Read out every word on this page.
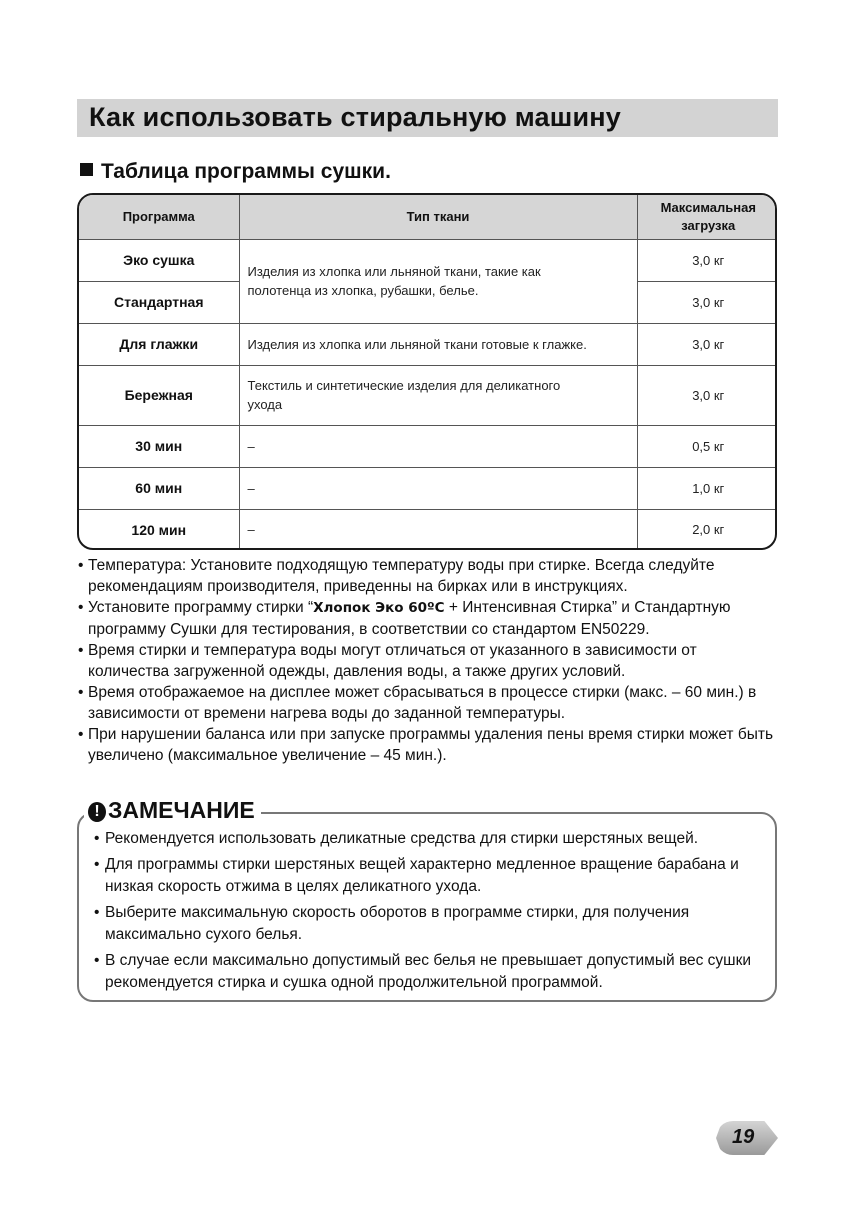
Как использовать стиральную машину
Таблица программы сушки.
Программа	Тип ткани	Максимальная загрузка
Эко сушка	Изделия из хлопка или льняной ткани, такие как полотенца из хлопка, рубашки, белье.	3,0 кг
Стандартная		3,0 кг
Для глажки	Изделия из хлопка или льняной ткани готовые к глажке.	3,0 кг
Бережная	Текстиль и синтетические изделия для деликатного ухода	3,0 кг
30 мин	–	0,5 кг
60 мин	–	1,0 кг
120 мин	–	2,0 кг
• Температура: Установите подходящую температуру воды при стирке. Всегда следуйте рекомендациям производителя, приведенны на бирках или в инструкциях.
• Установите программу стирки “Хлопок Эко 60ºC + Интенсивная Стирка” и Стандартную программу Сушки для тестирования, в соответствии со стандартом EN50229.
• Время стирки и температура воды могут отличаться от указанного в зависимости от количества загруженной одежды, давления воды, а также других условий.
• Время отображаемое на дисплее может сбрасываться в процессе стирки (макс. – 60 мин.) в зависимости от времени нагрева воды до заданной температуры.
• При нарушении баланса или при запуске программы удаления пены время стирки может быть увеличено (максимальное увеличение – 45 мин.).
! ЗАМЕЧАНИЕ
• Рекомендуется использовать деликатные средства для стирки шерстяных вещей.
• Для программы стирки шерстяных вещей характерно медленное вращение барабана и низкая скорость отжима в целях деликатного ухода.
• Выберите максимальную скорость оборотов в программе стирки, для получения максимально сухого белья.
• В случае если максимально допустимый вес белья не превышает допустимый вес сушки рекомендуется стирка и сушка одной продолжительной программой.
19
